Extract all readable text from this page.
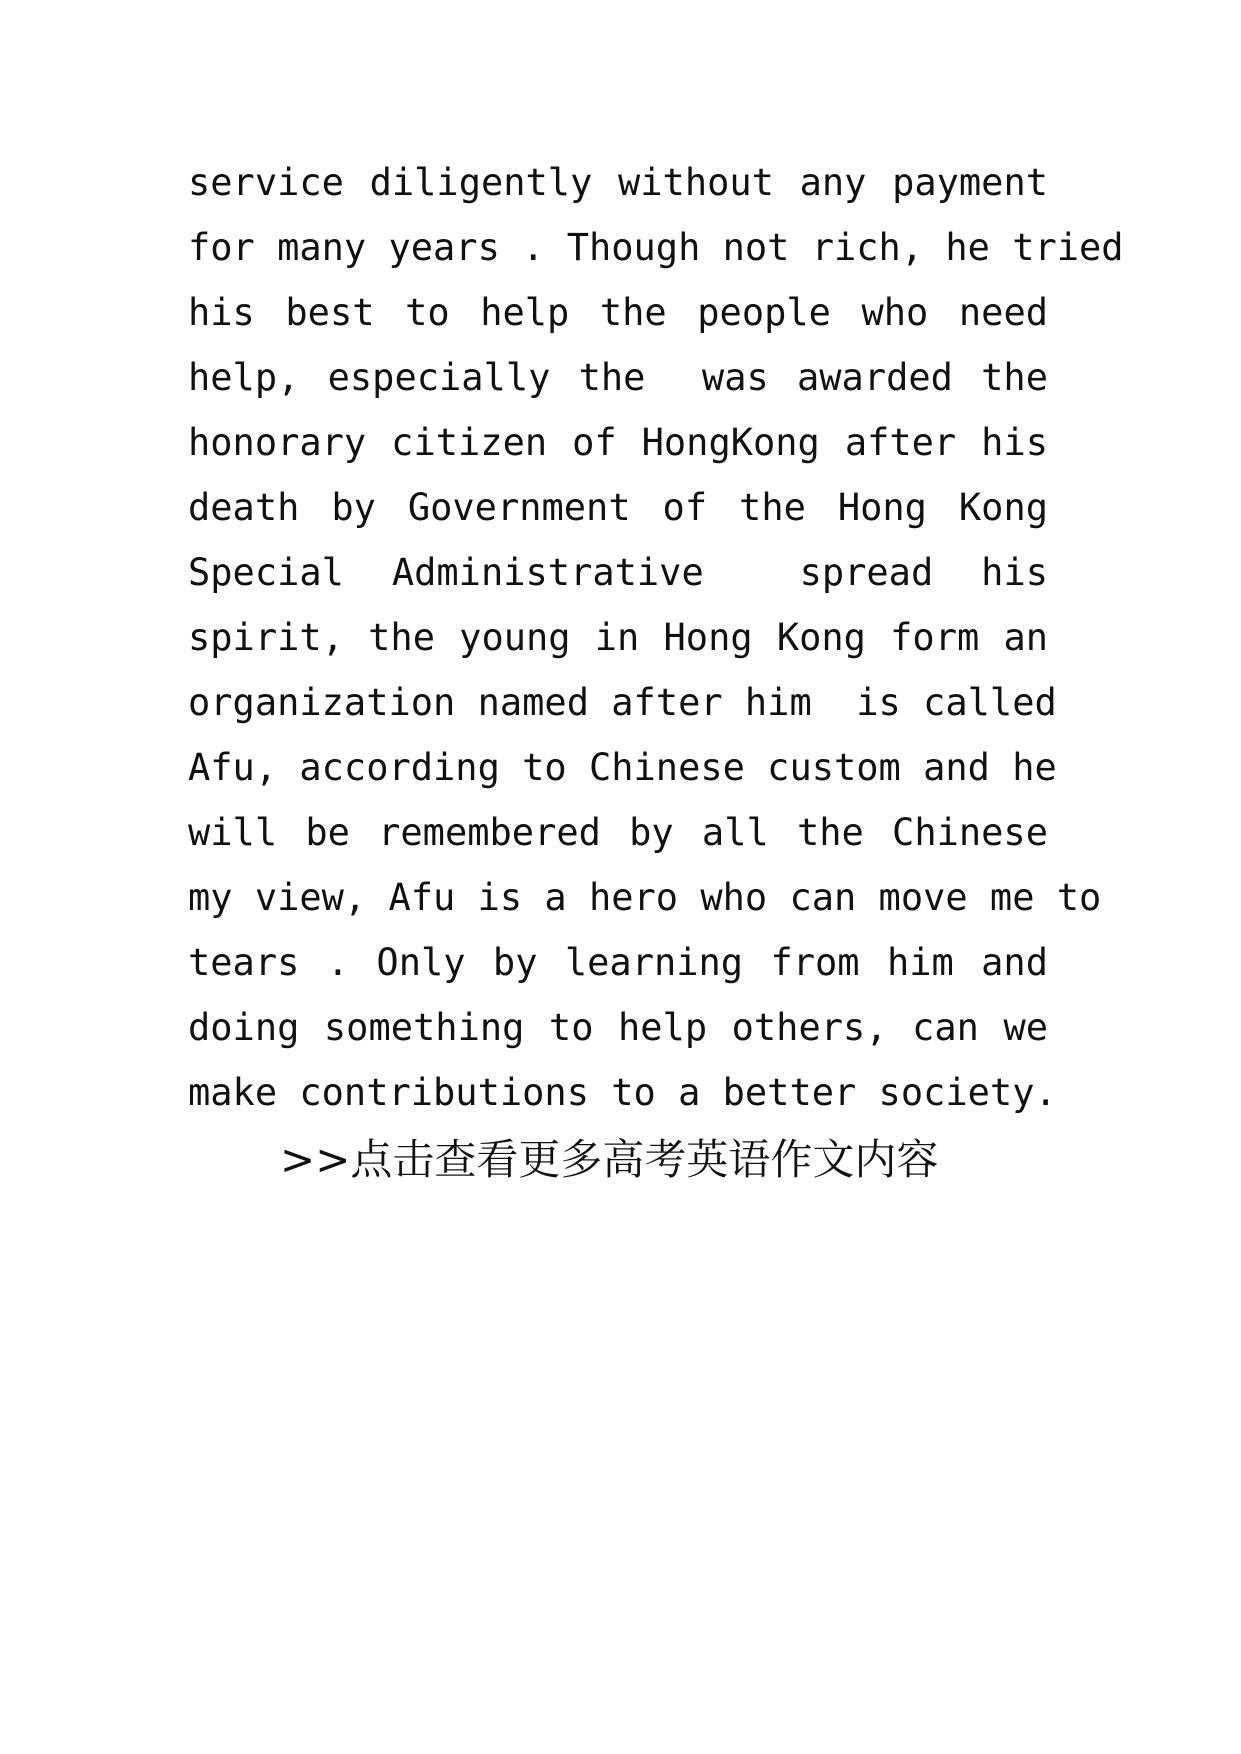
service diligently without any payment
for many years . Though not rich, he tried
his best to help the people who need
help, especially the  was awarded the
honorary citizen of HongKong after his
death by Government of the Hong Kong
Special Administrative  spread his
spirit, the young in Hong Kong form an
organization named after him  is called
Afu, according to Chinese custom and he
will be remembered by all the Chinese
my view, Afu is a hero who can move me to
tears . Only by learning from him and
doing something to help others, can we
make contributions to a better society.
>>点击查看更多高考英语作文内容
